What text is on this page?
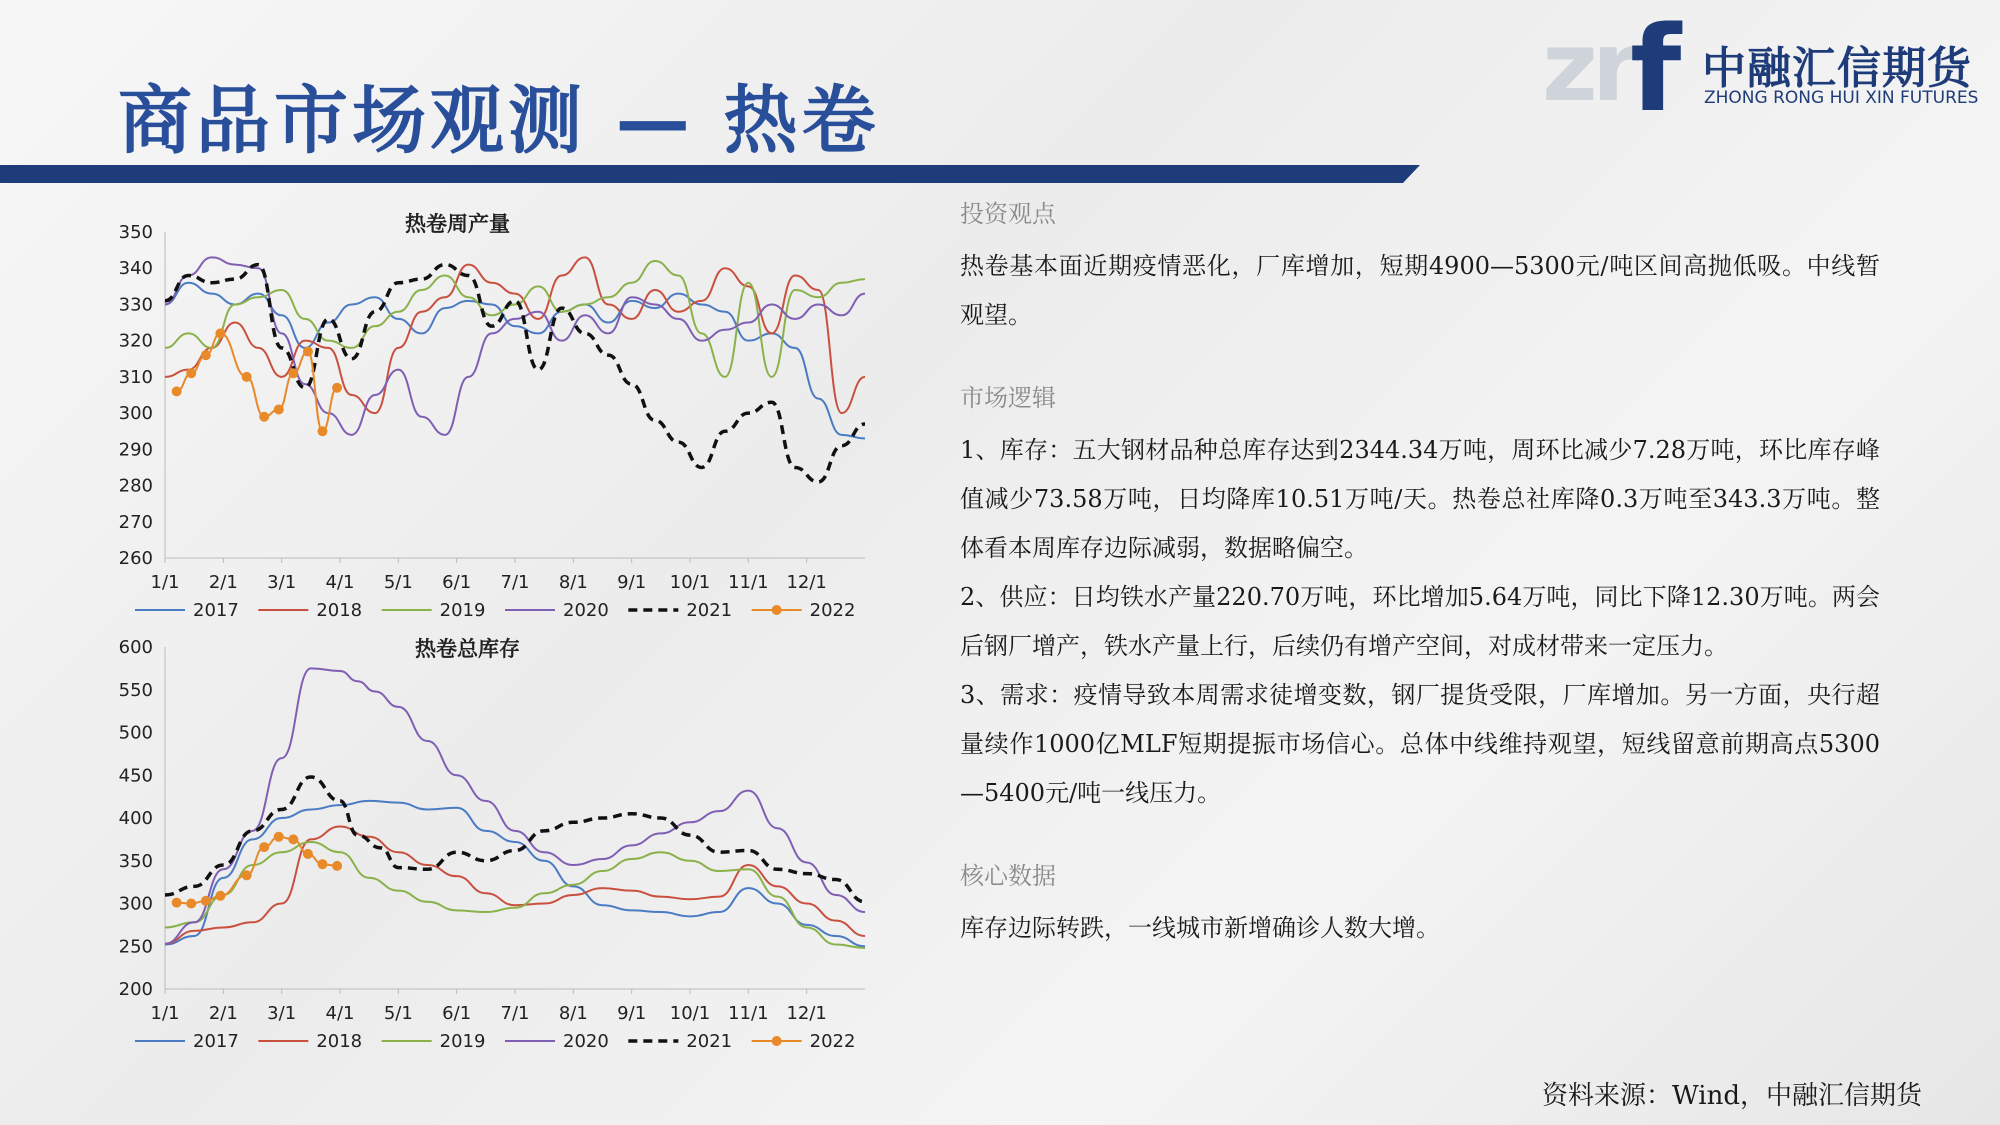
商品市场观测 — 热卷	zr
f 中融汇信期货
ZHONG RONG HUI XIN FUTURES
热卷周产量
260
270
280
290
300
310
320
330
340
350
1/1 2/1 3/1 4/1 5/1 6/1 7/1 8/1 9/1 10/1 11/1 12/1
2017	2018	2019	2020	2021	2022
热卷总库存
200
250
300
350
400
450
500
550
600
1/1 2/1 3/1 4/1 5/1 6/1 7/1 8/1 9/1 10/1 11/1 12/1
2017	2018	2019	2020	2021	2022
投资观点
热卷基本面近期疫情恶化，厂库增加，短期4900—5300元/吨区间高抛低吸。中线暂观望。
市场逻辑
1、库存：五大钢材品种总库存达到2344.34万吨，周环比减少7.28万吨，环比库存峰值减少73.58万吨，日均降库10.51万吨/天。热卷总社库降0.3万吨至343.3万吨。整体看本周库存边际减弱，数据略偏空。
2、供应：日均铁水产量220.70万吨，环比增加5.64万吨，同比下降12.30万吨。两会后钢厂增产，铁水产量上行，后续仍有增产空间，对成材带来一定压力。
3、需求：疫情导致本周需求徒增变数，钢厂提货受限，厂库增加。另一方面，央行超量续作1000亿MLF短期提振市场信心。总体中线维持观望，短线留意前期高点5300—5400元/吨一线压力。
核心数据
库存边际转跌，一线城市新增确诊人数大增。
资料来源：Wind，中融汇信期货
